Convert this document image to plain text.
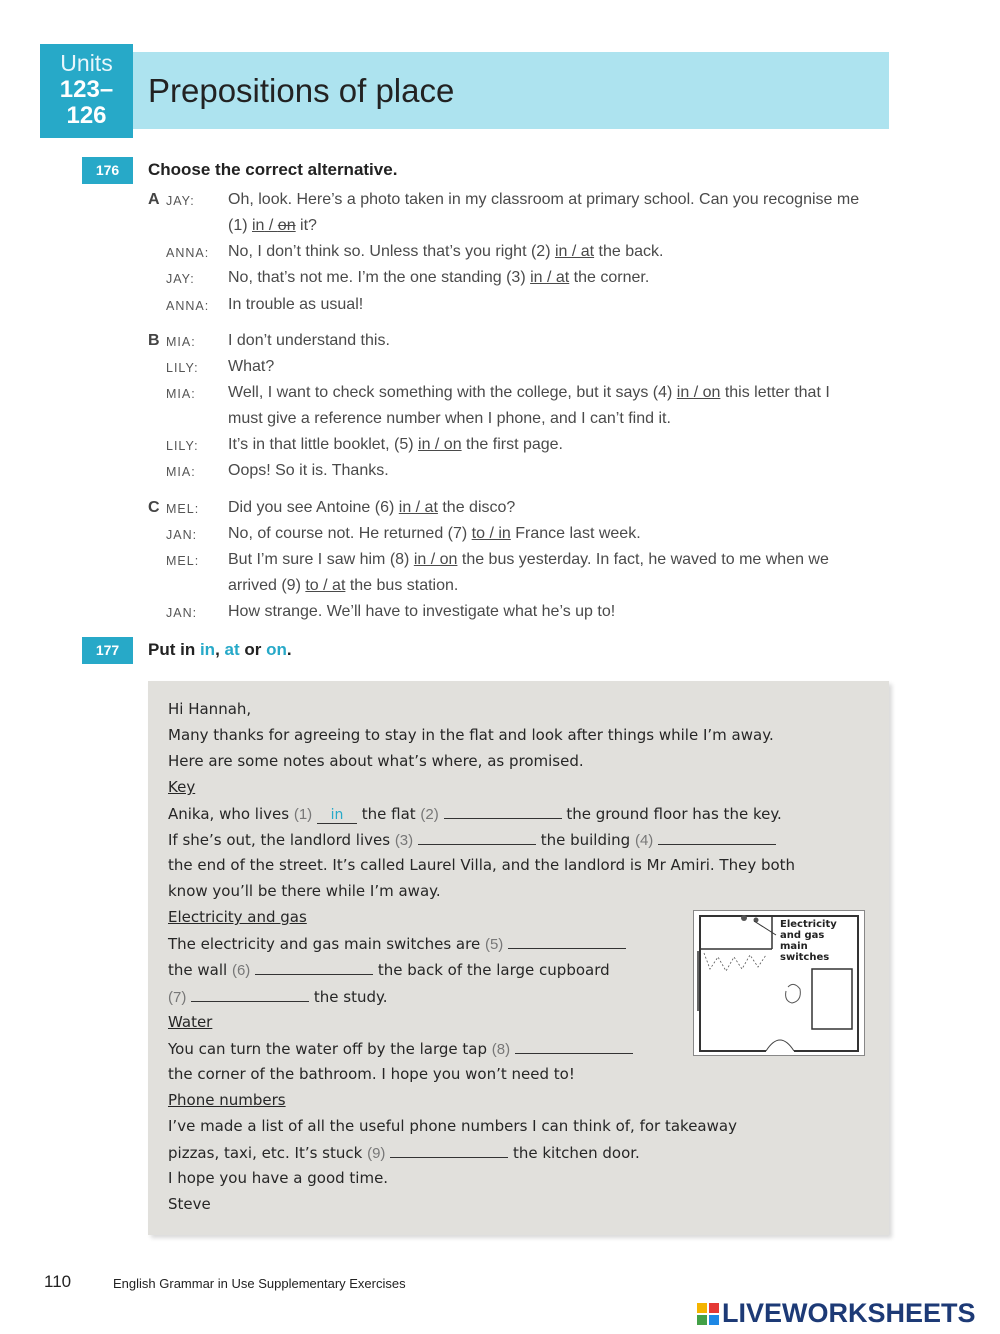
Units
123–
126
Prepositions of place
176	Choose the correct alternative.
A JAY: Oh, look. Here’s a photo taken in my classroom at primary school. Can you recognise me
(1) in / on it?
ANNA: No, I don’t think so. Unless that’s you right (2) in / at the back.
JAY: No, that’s not me. I’m the one standing (3) in / at the corner.
ANNA: In trouble as usual!
B MIA: I don’t understand this.
LILY: What?
MIA: Well, I want to check something with the college, but it says (4) in / on this letter that I
must give a reference number when I phone, and I can’t find it.
LILY: It’s in that little booklet, (5) in / on the first page.
MIA: Oops! So it is. Thanks.
C MEL: Did you see Antoine (6) in / at the disco?
JAN: No, of course not. He returned (7) to / in France last week.
MEL: But I’m sure I saw him (8) in / on the bus yesterday. In fact, he waved to me when we
arrived (9) to / at the bus station.
JAN: How strange. We’ll have to investigate what he’s up to!
177	Put in in, at or on.
Hi Hannah,
Many thanks for agreeing to stay in the flat and look after things while I’m away.
Here are some notes about what’s where, as promised.
Key
Anika, who lives (1) in the flat (2)	the ground floor has the key.
If she’s out, the landlord lives (3)	the building (4)
the end of the street. It’s called Laurel Villa, and the landlord is Mr Amiri. They both
know you’ll be there while I’m away.
Electricity and gas
The electricity and gas main switches are (5)
the wall (6)	the back of the large cupboard
(7)	the study.
Water
You can turn the water off by the large tap (8)
the corner of the bathroom. I hope you won’t need to!
Phone numbers
I’ve made a list of all the useful phone numbers I can think of, for takeaway
pizzas, taxi, etc. It’s stuck (9)	the kitchen door.
I hope you have a good time.
Steve
Electricity
and gas
main
switches
110	English Grammar in Use Supplementary Exercises
LIVEWORKSHEETS
